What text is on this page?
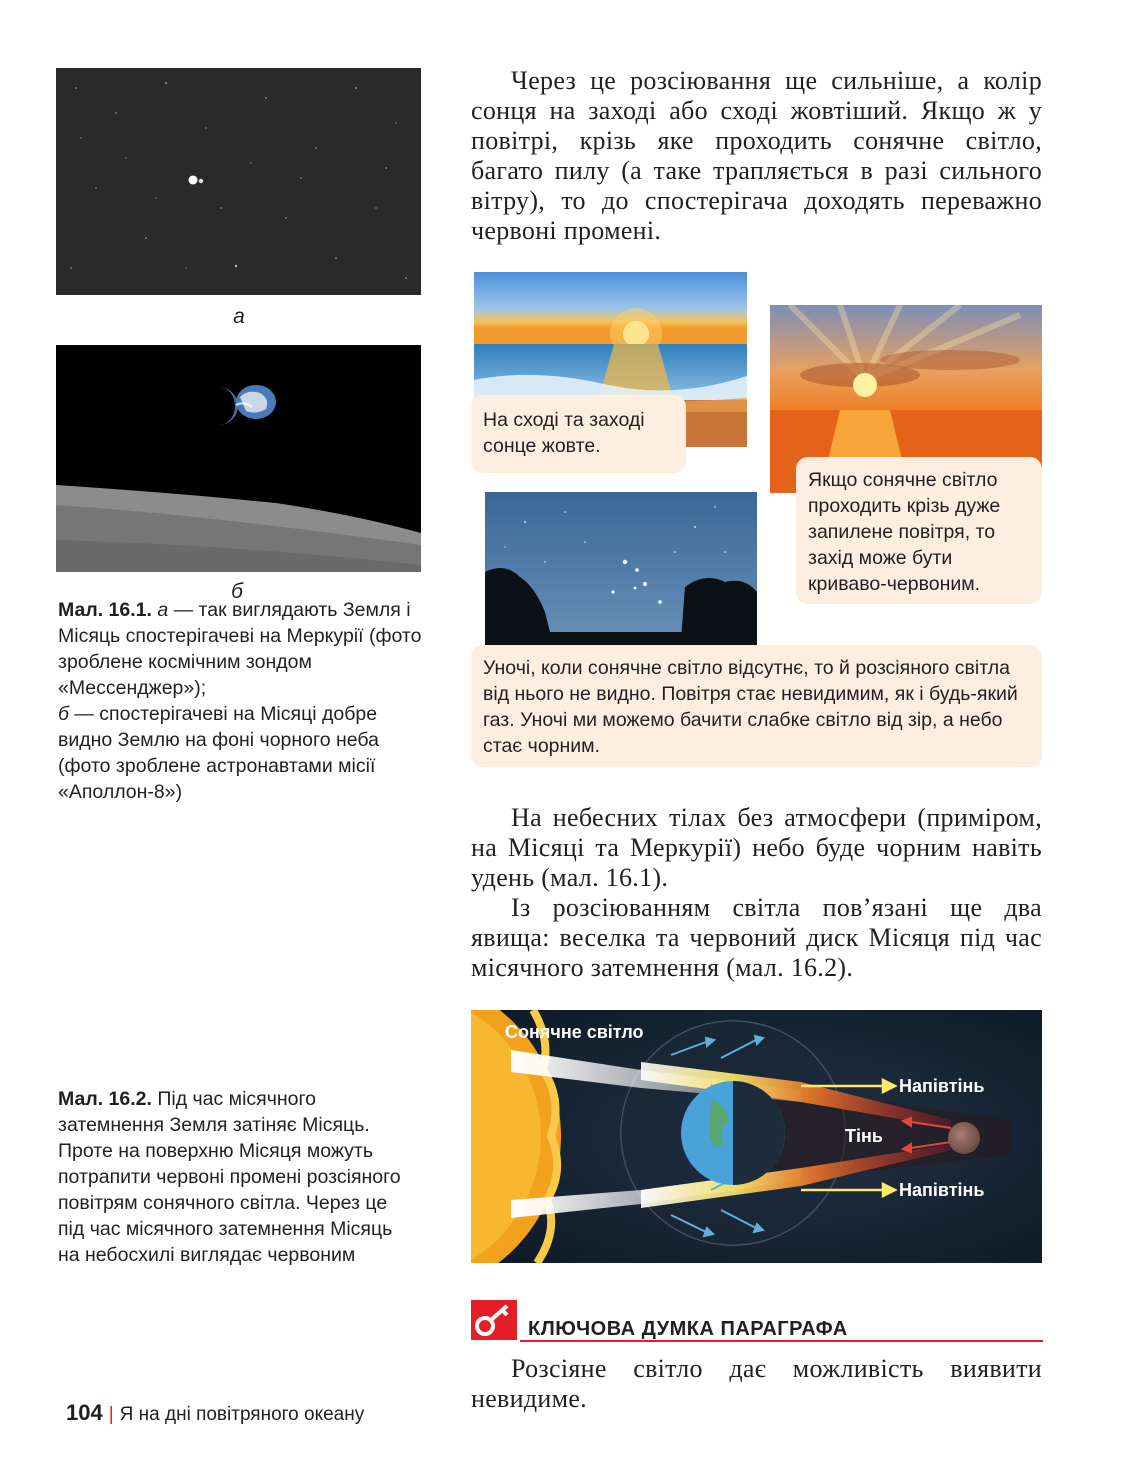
а
б
Мал. 16.1. а — так виглядають Земля і Місяць спостерігачеві на Меркурії (фото зроблене космічним зондом «Мессенджер»);
б — спостерігачеві на Місяці добре видно Землю на фоні чорного неба (фото зроблене астронавтами місії «Аполлон-8»)
Мал. 16.2. Під час місячного затемнення Земля затіняє Місяць. Проте на поверхню Місяця можуть потрапити червоні промені розсіяного повітрям сонячного світла. Через це під час місячного затемнення Місяць на небосхилі виглядає червоним
104 | Я на дні повітряного океану

Через це розсіювання ще сильніше, а колір сонця на заході або сході жовтіший. Якщо ж у повітрі, крізь яке проходить сонячне світло, багато пилу (а таке трапляється в разі сильного вітру), то до спостерігача доходять переважно червоні промені.

На сході та заході сонце жовте.
Якщо сонячне світло проходить крізь дуже запилене повітря, то захід може бути криваво-червоним.
Уночі, коли сонячне світло відсутнє, то й розсіяного світла від нього не видно. Повітря стає невидимим, як і будь-який газ. Уночі ми можемо бачити слабке світло від зір, а небо стає чорним.

На небесних тілах без атмосфери (приміром, на Місяці та Меркурії) небо буде чорним навіть удень (мал. 16.1).

Із розсіюванням світла пов’язані ще два явища: веселка та червоний диск Місяця під час місячного затемнення (мал. 16.2).

Сонячне світло
Напівтінь
Тінь
Напівтінь
КЛЮЧОВА ДУМКА ПАРАГРАФА

Розсіяне світло дає можливість виявити невидиме.
